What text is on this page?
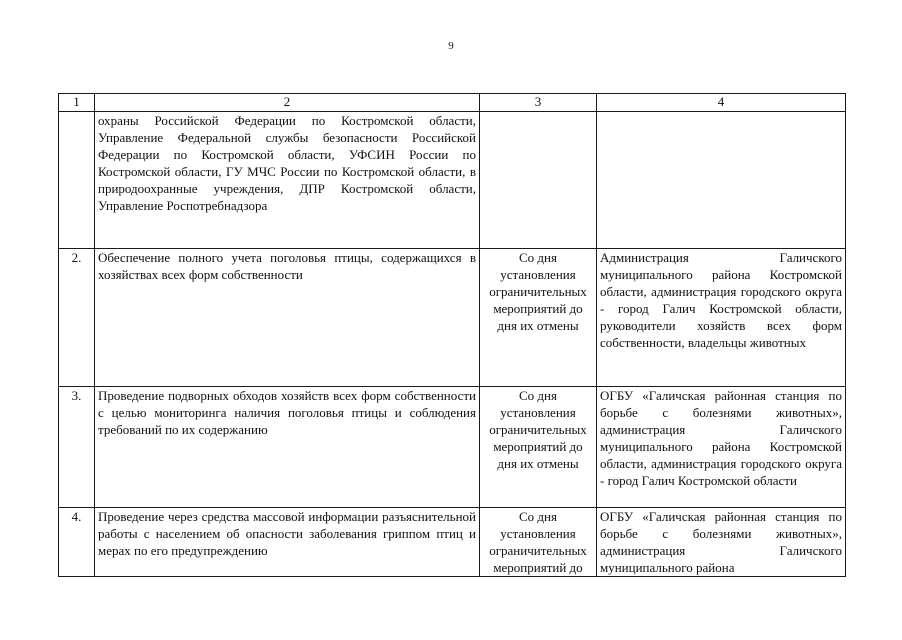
9
1	2	3	4
	охраны Российской Федерации по Костромской области, Управление Федеральной службы безопасности Российской Федерации по Костромской области, УФСИН России по Костромской области, ГУ МЧС России по Костромской области, в природоохранные учреждения, ДПР Костромской области, Управление Роспотребнадзора		
2.	Обеспечение полного учета поголовья птицы, содержащихся в хозяйствах всех форм собственности	Со дня установления ограничительных мероприятий до дня их отмены	Администрация Галичского муниципального района Костромской области, администрация городского округа - город Галич Костромской области, руководители хозяйств всех форм собственности, владельцы животных
3.	Проведение подворных обходов хозяйств всех форм собственности с целью мониторинга наличия поголовья птицы и соблюдения требований по их содержанию	Со дня установления ограничительных мероприятий до дня их отмены	ОГБУ «Галичская районная станция по борьбе с болезнями животных», администрация Галичского муниципального района Костромской области, администрация городского округа - город Галич Костромской области
4.	Проведение через средства массовой информации разъяснительной работы с населением об опасности заболевания гриппом птиц и мерах по его предупреждению	Со дня установления ограничительных мероприятий до	ОГБУ «Галичская районная станция по борьбе с болезнями животных», администрация Галичского муниципального района
